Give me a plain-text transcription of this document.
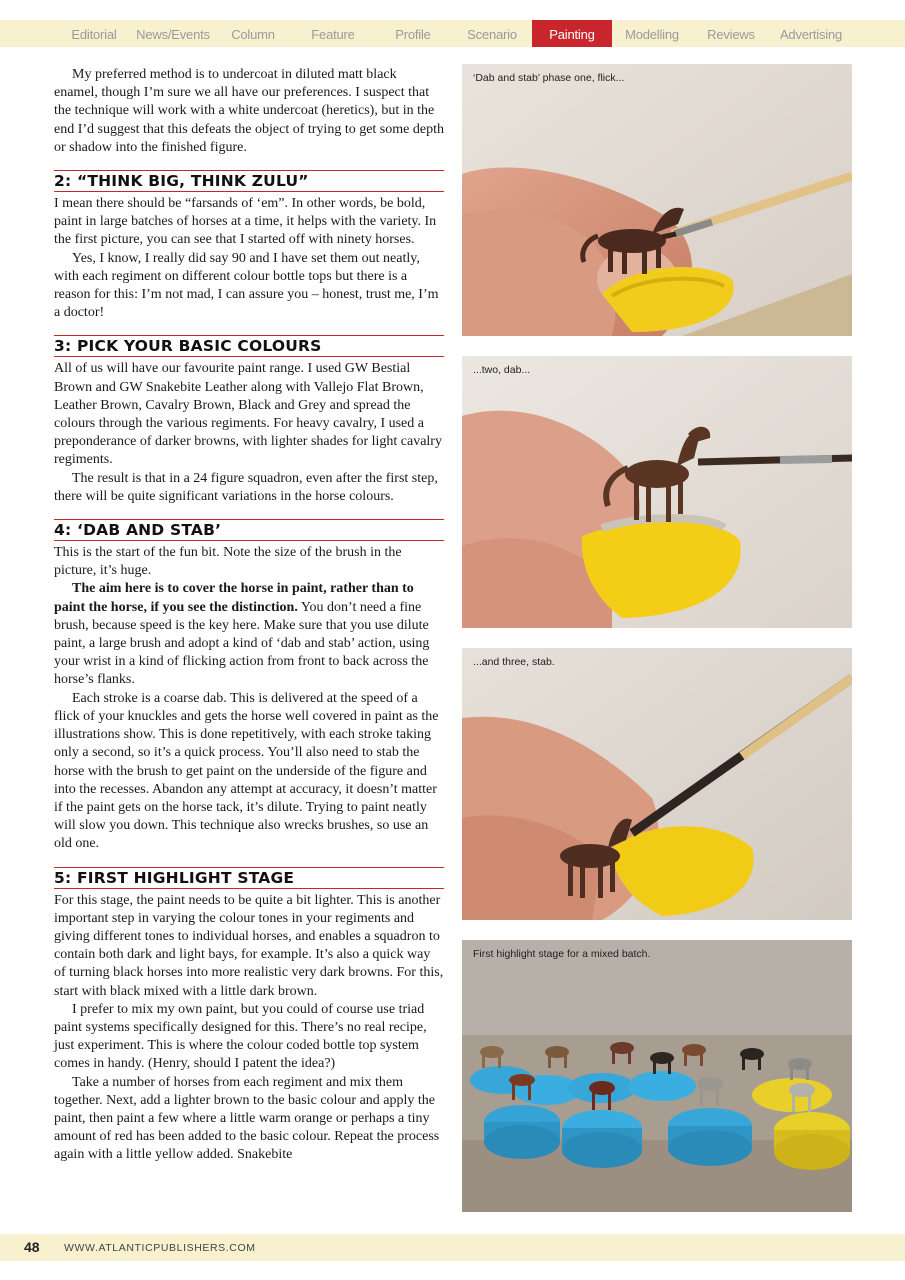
Editorial	News/Events	Column	Feature	Profile	Scenario	Painting	Modelling	Reviews	Advertising

My preferred method is to undercoat in diluted matt black enamel, though I’m sure we all have our preferences. I suspect that the technique will work with a white undercoat (heretics), but in the end I’d suggest that this defeats the object of trying to get some depth or shadow into the finished figure.

2: “THINK BIG, THINK ZULU”

I mean there should be “farsands of ‘em”. In other words, be bold, paint in large batches of horses at a time, it helps with the variety. In the first picture, you can see that I started off with ninety horses.

Yes, I know, I really did say 90 and I have set them out neatly, with each regiment on different colour bottle tops but there is a reason for this: I’m not mad, I can assure you – honest, trust me, I’m a doctor!

3: PICK YOUR BASIC COLOURS

All of us will have our favourite paint range. I used GW Bestial Brown and GW Snakebite Leather along with Vallejo Flat Brown, Leather Brown, Cavalry Brown, Black and Grey and spread the colours through the various regiments. For heavy cavalry, I used a preponderance of darker browns, with lighter shades for light cavalry regiments.

The result is that in a 24 figure squadron, even after the first step, there will be quite significant variations in the horse colours.

4: ‘DAB AND STAB’

This is the start of the fun bit. Note the size of the brush in the picture, it’s huge.

The aim here is to cover the horse in paint, rather than to paint the horse, if you see the distinction. You don’t need a fine brush, because speed is the key here. Make sure that you use dilute paint, a large brush and adopt a kind of ‘dab and stab’ action, using your wrist in a kind of flicking action from front to back across the horse’s flanks.

Each stroke is a coarse dab. This is delivered at the speed of a flick of your knuckles and gets the horse well covered in paint as the illustrations show. This is done repetitively, with each stroke taking only a second, so it’s a quick process. You’ll also need to stab the horse with the brush to get paint on the underside of the figure and into the recesses. Abandon any attempt at accuracy, it doesn’t matter if the paint gets on the horse tack, it’s dilute. Trying to paint neatly will slow you down. This technique also wrecks brushes, so use an old one.

5: FIRST HIGHLIGHT STAGE

For this stage, the paint needs to be quite a bit lighter. This is another important step in varying the colour tones in your regiments and giving different tones to individual horses, and enables a squadron to contain both dark and light bays, for example. It’s also a quick way of turning black horses into more realistic very dark browns. For this, start with black mixed with a little dark brown.

I prefer to mix my own paint, but you could of course use triad paint systems specifically designed for this. There’s no real recipe, just experiment. This is where the colour coded bottle top system comes in handy. (Henry, should I patent the idea?)

Take a number of horses from each regiment and mix them together. Next, add a lighter brown to the basic colour and apply the paint, then paint a few where a little warm orange or perhaps a tiny amount of red has been added to the basic colour. Repeat the process again with a little yellow added. Snakebite

‘Dab and stab’ phase one, flick...
...two, dab...
...and three, stab.
First highlight stage for a mixed batch.
48 WWW.ATLANTICPUBLISHERS.COM
